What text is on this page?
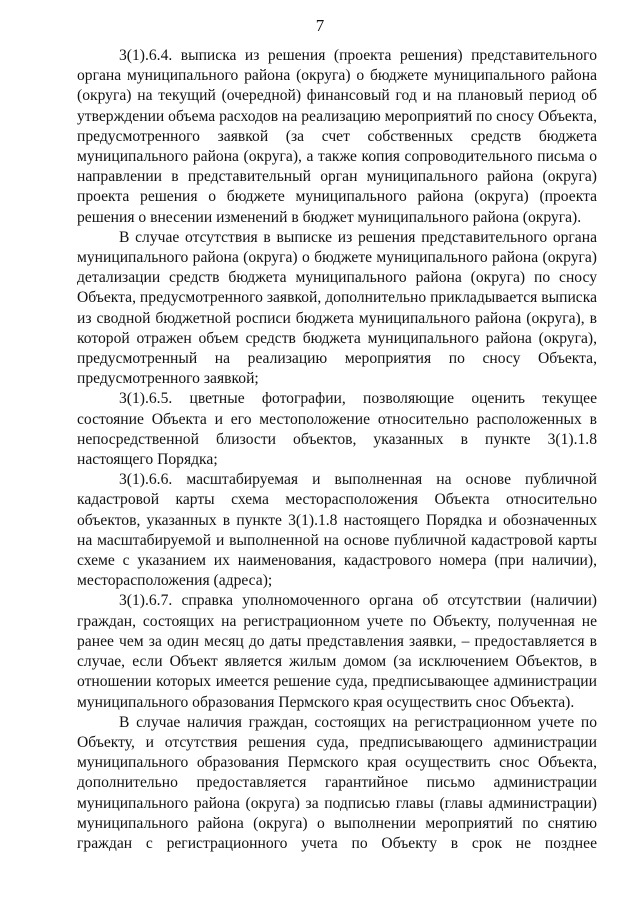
7

3(1).6.4. выписка из решения (проекта решения) представительного органа муниципального района (округа) о бюджете муниципального района (округа) на текущий (очередной) финансовый год и на плановый период об утверждении объема расходов на реализацию мероприятий по сносу Объекта, предусмотренного заявкой (за счет собственных средств бюджета муниципального района (округа), а также копия сопроводительного письма о направлении в представительный орган муниципального района (округа) проекта решения о бюджете муниципального района (округа) (проекта решения о внесении изменений в бюджет муниципального района (округа).

В случае отсутствия в выписке из решения представительного органа муниципального района (округа) о бюджете муниципального района (округа) детализации средств бюджета муниципального района (округа) по сносу Объекта, предусмотренного заявкой, дополнительно прикладывается выписка из сводной бюджетной росписи бюджета муниципального района (округа), в которой отражен объем средств бюджета муниципального района (округа), предусмотренный на реализацию мероприятия по сносу Объекта, предусмотренного заявкой;

3(1).6.5. цветные фотографии, позволяющие оценить текущее состояние Объекта и его местоположение относительно расположенных в непосредственной близости объектов, указанных в пункте 3(1).1.8 настоящего Порядка;

3(1).6.6. масштабируемая и выполненная на основе публичной кадастровой карты схема месторасположения Объекта относительно объектов, указанных в пункте 3(1).1.8 настоящего Порядка и обозначенных на масштабируемой и выполненной на основе публичной кадастровой карты схеме с указанием их наименования, кадастрового номера (при наличии), месторасположения (адреса);

3(1).6.7. справка уполномоченного органа об отсутствии (наличии) граждан, состоящих на регистрационном учете по Объекту, полученная не ранее чем за один месяц до даты представления заявки, – предоставляется в случае, если Объект является жилым домом (за исключением Объектов, в отношении которых имеется решение суда, предписывающее администрации муниципального образования Пермского края осуществить снос Объекта).

В случае наличия граждан, состоящих на регистрационном учете по Объекту, и отсутствия решения суда, предписывающего администрации муниципального образования Пермского края осуществить снос Объекта, дополнительно предоставляется гарантийное письмо администрации муниципального района (округа) за подписью главы (главы администрации) муниципального района (округа) о выполнении мероприятий по снятию граждан с регистрационного учета по Объекту в срок не позднее
